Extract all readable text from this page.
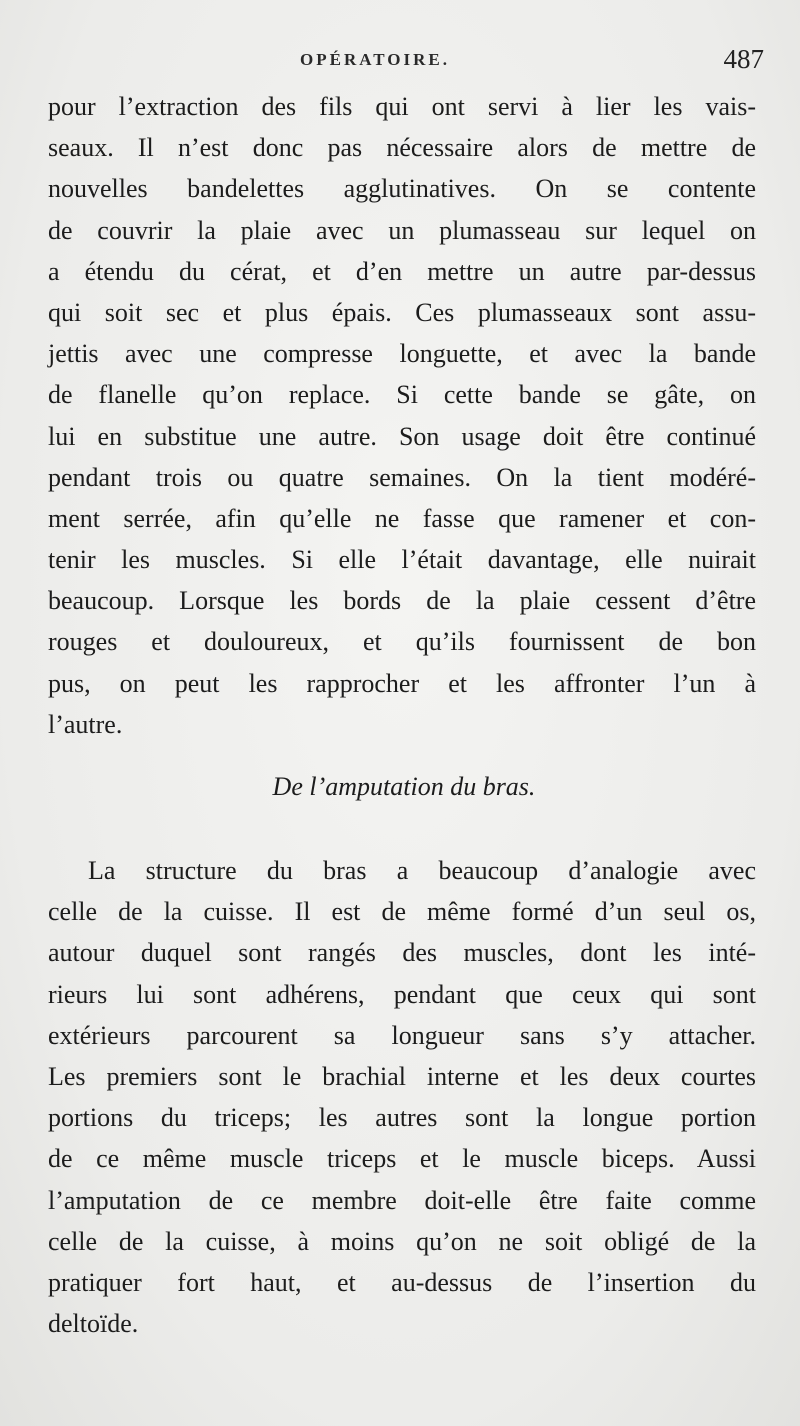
OPÉRATOIRE.	487
pour l’extraction des fils qui ont servi à lier les vais-
seaux. Il n’est donc pas nécessaire alors de mettre de
nouvelles bandelettes agglutinatives. On se contente
de couvrir la plaie avec un plumasseau sur lequel on
a étendu du cérat, et d’en mettre un autre par-dessus
qui soit sec et plus épais. Ces plumasseaux sont assu-
jettis avec une compresse longuette, et avec la bande
de flanelle qu’on replace. Si cette bande se gâte, on
lui en substitue une autre. Son usage doit être continué
pendant trois ou quatre semaines. On la tient modéré-
ment serrée, afin qu’elle ne fasse que ramener et con-
tenir les muscles. Si elle l’était davantage, elle nuirait
beaucoup. Lorsque les bords de la plaie cessent d’être
rouges et douloureux, et qu’ils fournissent de bon
pus, on peut les rapprocher et les affronter l’un à
l’autre.
De l’amputation du bras.
La structure du bras a beaucoup d’analogie avec
celle de la cuisse. Il est de même formé d’un seul os,
autour duquel sont rangés des muscles, dont les inté-
rieurs lui sont adhérens, pendant que ceux qui sont
extérieurs parcourent sa longueur sans s’y attacher.
Les premiers sont le brachial interne et les deux courtes
portions du triceps; les autres sont la longue portion
de ce même muscle triceps et le muscle biceps. Aussi
l’amputation de ce membre doit-elle être faite comme
celle de la cuisse, à moins qu’on ne soit obligé de la
pratiquer fort haut, et au-dessus de l’insertion du
deltoïde.
